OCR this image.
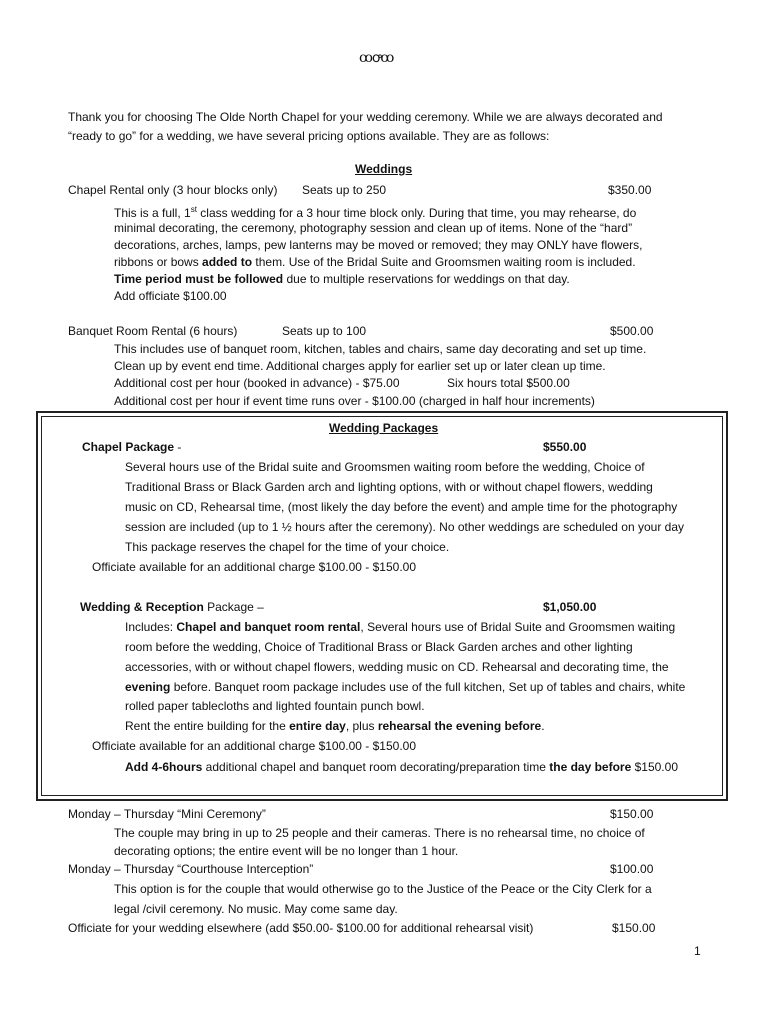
ꝏꝍꝏ
Thank you for choosing The Olde North Chapel for your wedding ceremony. While we are always decorated and
“ready to go” for a wedding, we have several pricing options available. They are as follows:
Weddings
Chapel Rental only (3 hour blocks only) Seats up to 250	$350.00
This is a full, 1st class wedding for a 3 hour time block only. During that time, you may rehearse, do
minimal decorating, the ceremony, photography session and clean up of items. None of the “hard”
decorations, arches, lamps, pew lanterns may be moved or removed; they may ONLY have flowers,
ribbons or bows added to them. Use of the Bridal Suite and Groomsmen waiting room is included.
Time period must be followed due to multiple reservations for weddings on that day.
Add officiate $100.00
Banquet Room Rental (6 hours)	Seats up to 100	$500.00
This includes use of banquet room, kitchen, tables and chairs, same day decorating and set up time.
Clean up by event end time. Additional charges apply for earlier set up or later clean up time.
Additional cost per hour (booked in advance) - $75.00	Six hours total $500.00
Additional cost per hour if event time runs over - $100.00 (charged in half hour increments)
Wedding Packages
Chapel Package -	$550.00
Several hours use of the Bridal suite and Groomsmen waiting room before the wedding, Choice of
Traditional Brass or Black Garden arch and lighting options, with or without chapel flowers, wedding
music on CD, Rehearsal time, (most likely the day before the event) and ample time for the photography
session are included (up to 1 ½ hours after the ceremony). No other weddings are scheduled on your day
This package reserves the chapel for the time of your choice.
Officiate available for an additional charge $100.00 - $150.00
Wedding & Reception Package –	$1,050.00
Includes: Chapel and banquet room rental, Several hours use of Bridal Suite and Groomsmen waiting
room before the wedding, Choice of Traditional Brass or Black Garden arches and other lighting
accessories, with or without chapel flowers, wedding music on CD. Rehearsal and decorating time, the
evening before. Banquet room package includes use of the full kitchen, Set up of tables and chairs, white
rolled paper tablecloths and lighted fountain punch bowl.
Rent the entire building for the entire day, plus rehearsal the evening before.
Officiate available for an additional charge $100.00 - $150.00
Add 4-6hours additional chapel and banquet room decorating/preparation time the day before $150.00
Monday – Thursday “Mini Ceremony”	$150.00
The couple may bring in up to 25 people and their cameras. There is no rehearsal time, no choice of
decorating options; the entire event will be no longer than 1 hour.
Monday – Thursday “Courthouse Interception”	$100.00
This option is for the couple that would otherwise go to the Justice of the Peace or the City Clerk for a
legal /civil ceremony. No music. May come same day.
Officiate for your wedding elsewhere (add $50.00- $100.00 for additional rehearsal visit)	$150.00
1
